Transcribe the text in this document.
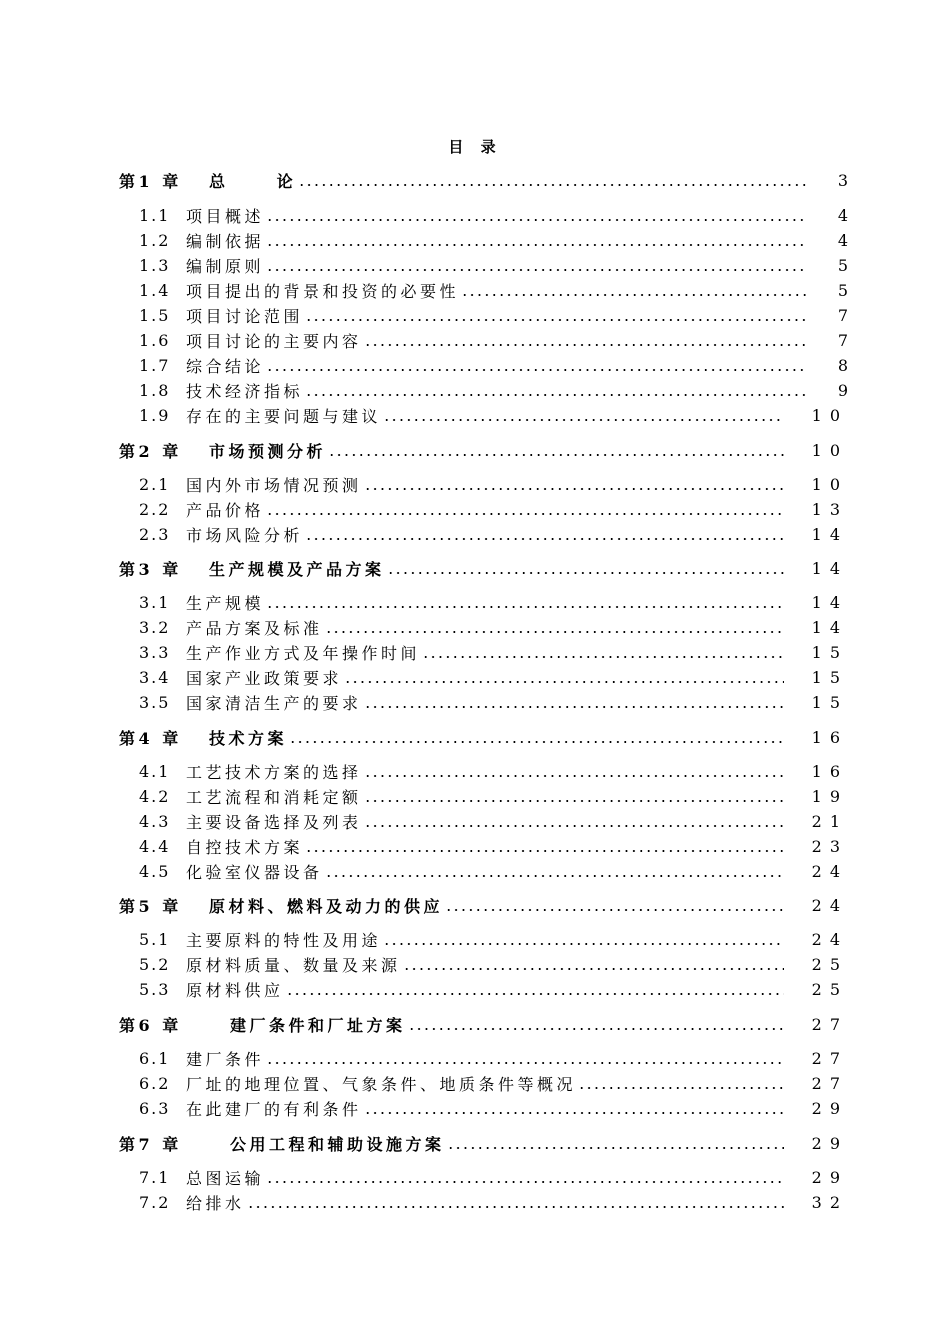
目 录
第1 章 总　　 论	3
1.1 项目概述	4
1.2 编制依据	4
1.3 编制原则	5
1.4 项目提出的背景和投资的必要性	5
1.5 项目讨论范围	7
1.6 项目讨论的主要内容	7
1.7 综合结论	8
1.8 技术经济指标	9
1.9 存在的主要问题与建议	10
第2 章 市场预测分析	10
2.1 国内外市场情况预测	10
2.2 产品价格	13
2.3 市场风险分析	14
第3 章 生产规模及产品方案	14
3.1 生产规模	14
3.2 产品方案及标准	14
3.3 生产作业方式及年操作时间	15
3.4 国家产业政策要求	15
3.5 国家清洁生产的要求	15
第4 章 技术方案	16
4.1 工艺技术方案的选择	16
4.2 工艺流程和消耗定额	19
4.3 主要设备选择及列表	21
4.4 自控技术方案	23
4.5 化验室仪器设备	24
第5 章 原材料、燃料及动力的供应	24
5.1 主要原料的特性及用途	24
5.2 原材料质量、数量及来源	25
5.3 原材料供应	25
第6 章	建厂条件和厂址方案	27
6.1 建厂条件	27
6.2 厂址的地理位置、气象条件、地质条件等概况	27
6.3 在此建厂的有利条件	29
第7 章	公用工程和辅助设施方案	29
7.1 总图运输	29
7.2 给排水	32
